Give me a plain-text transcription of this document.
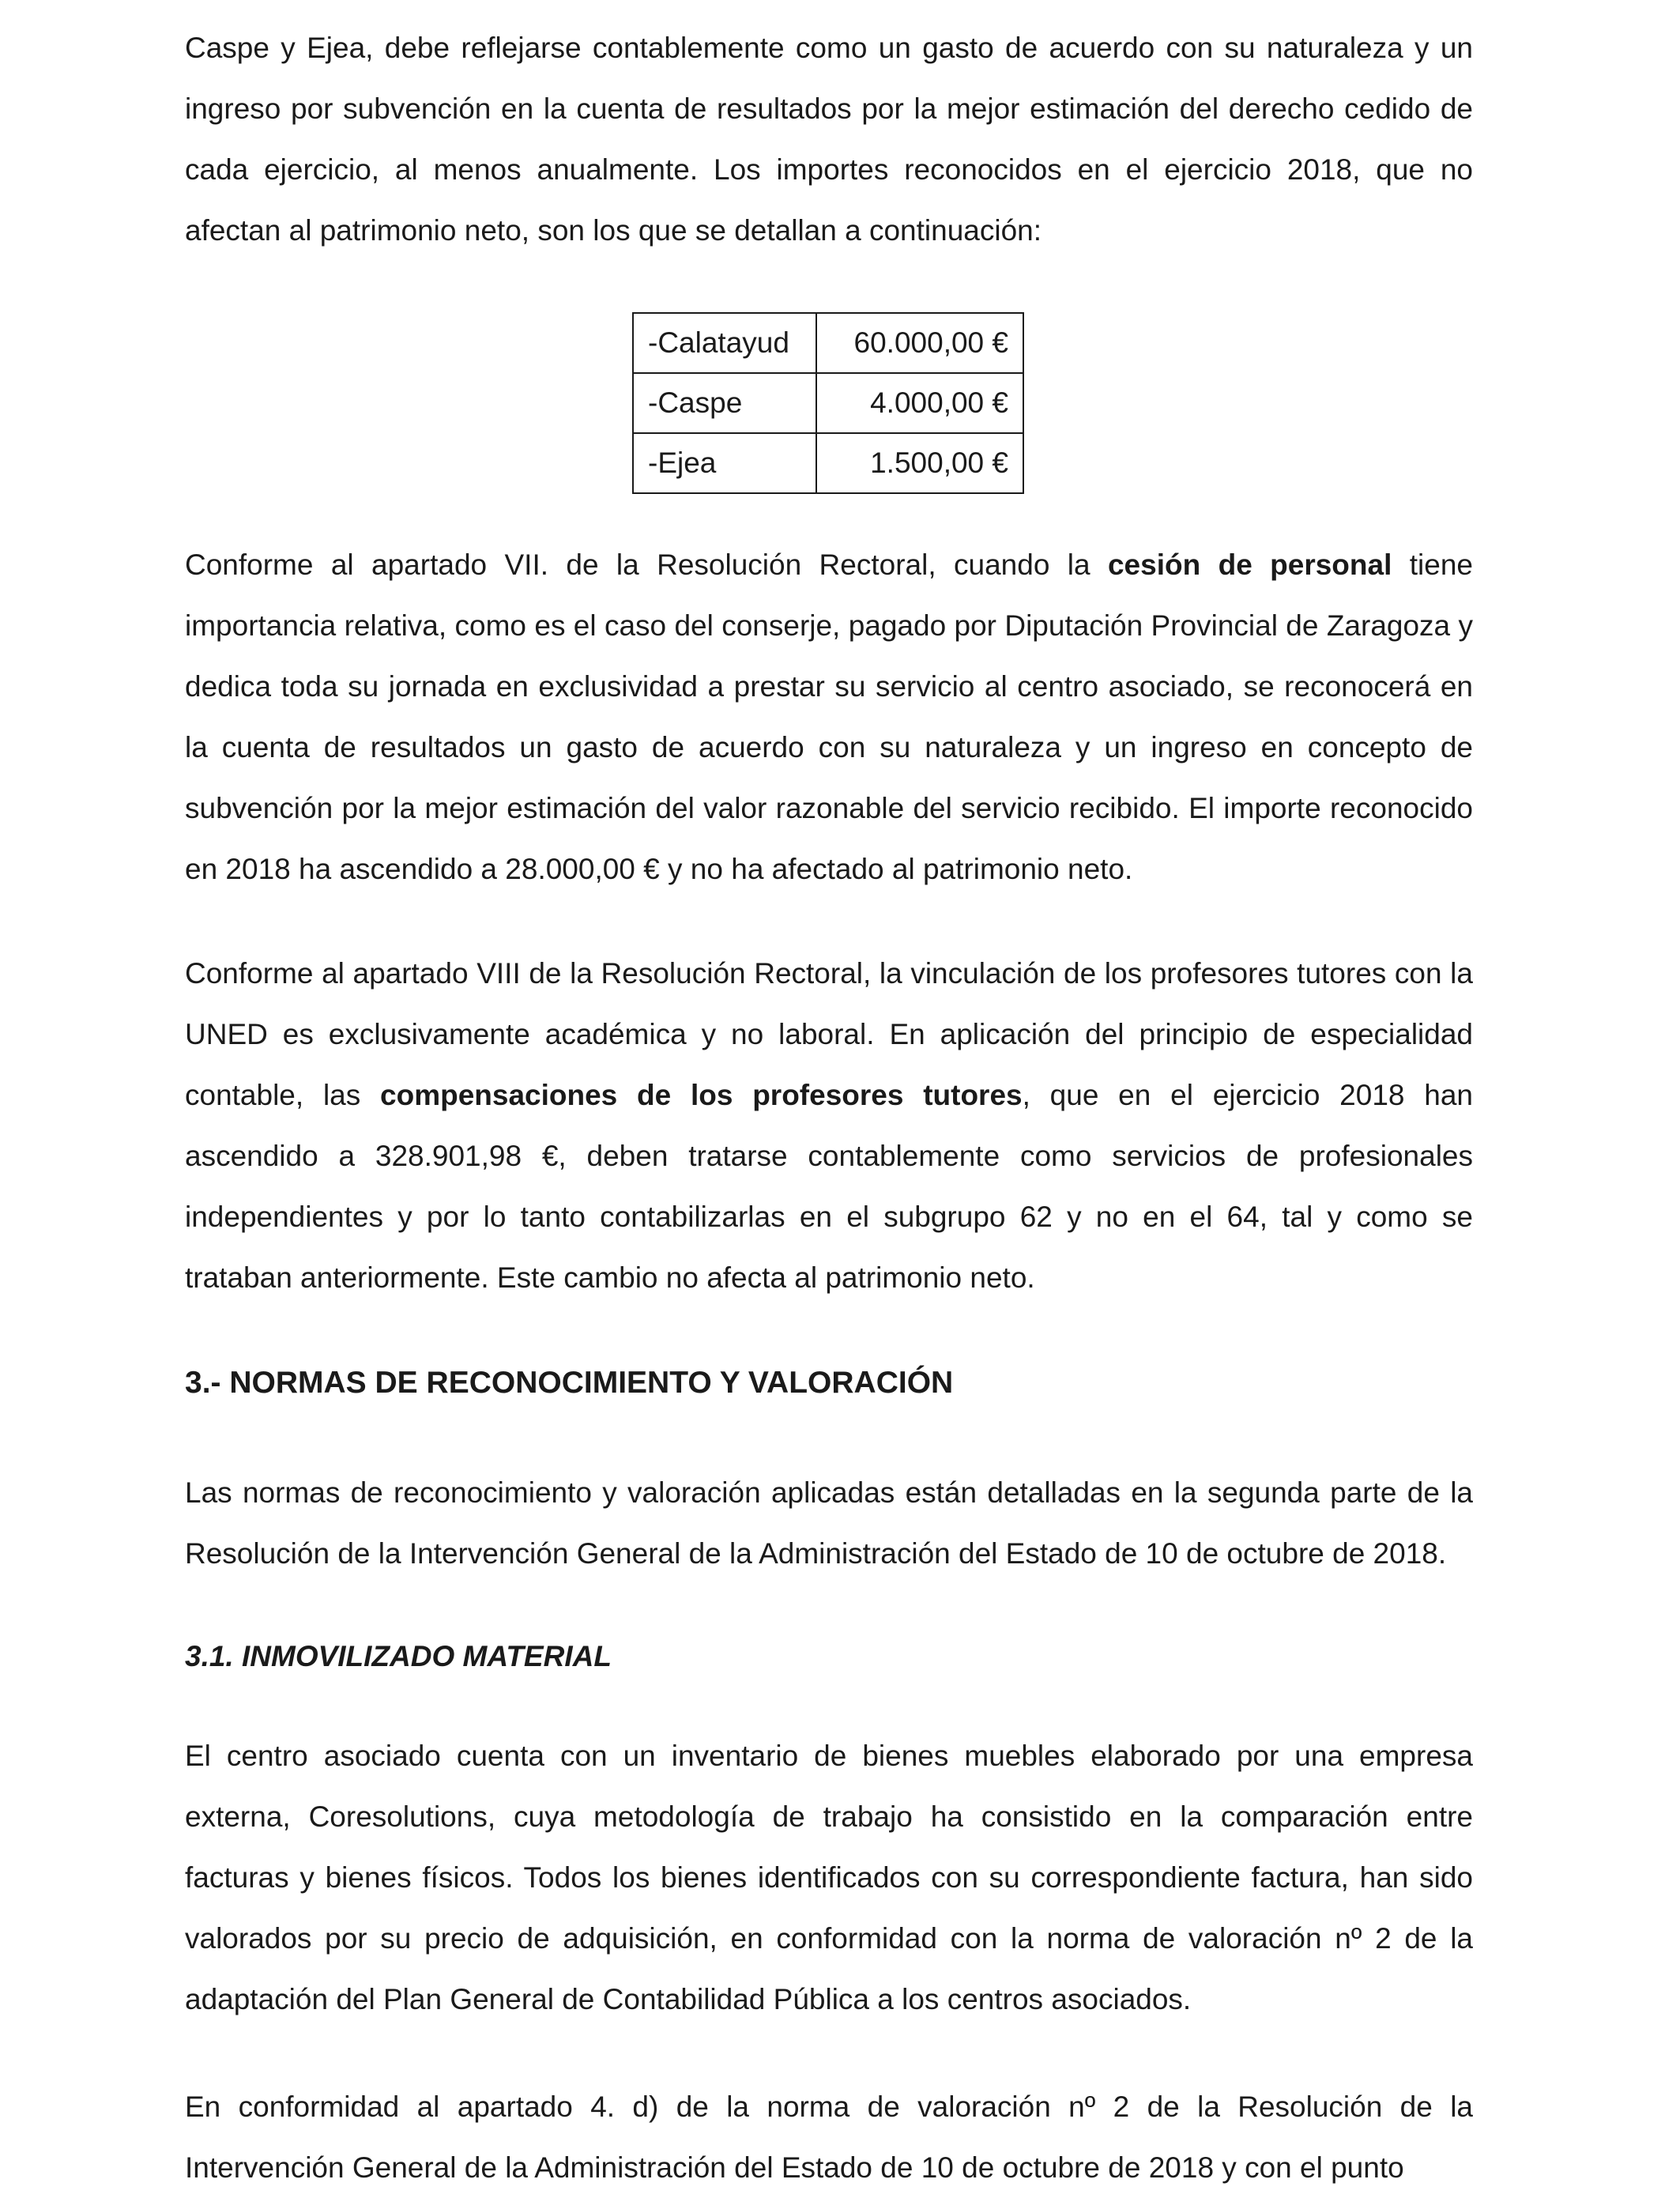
Caspe y Ejea, debe reflejarse contablemente como un gasto de acuerdo con su naturaleza y un ingreso por subvención en la cuenta de resultados por la mejor estimación del derecho cedido de cada ejercicio, al menos anualmente. Los importes reconocidos en el ejercicio 2018, que no afectan al patrimonio neto, son los que se detallan a continuación:

-Calatayud	60.000,00 €
-Caspe	4.000,00 €
-Ejea	1.500,00 €

Conforme al apartado VII. de la Resolución Rectoral, cuando la cesión de personal tiene importancia relativa, como es el caso del conserje, pagado por Diputación Provincial de Zaragoza y dedica toda su jornada en exclusividad a prestar su servicio al centro asociado, se reconocerá en la cuenta de resultados un gasto de acuerdo con su naturaleza y un ingreso en concepto de subvención por la mejor estimación del valor razonable del servicio recibido. El importe reconocido en 2018 ha ascendido a 28.000,00 € y no ha afectado al patrimonio neto.

Conforme al apartado VIII de la Resolución Rectoral, la vinculación de los profesores tutores con la UNED es exclusivamente académica y no laboral. En aplicación del principio de especialidad contable, las compensaciones de los profesores tutores, que en el ejercicio 2018 han ascendido a 328.901,98 €, deben tratarse contablemente como servicios de profesionales independientes y por lo tanto contabilizarlas en el subgrupo 62 y no en el 64, tal y como se trataban anteriormente. Este cambio no afecta al patrimonio neto.

3.- NORMAS DE RECONOCIMIENTO Y VALORACIÓN

Las normas de reconocimiento y valoración aplicadas están detalladas en la segunda parte de la Resolución de la Intervención General de la Administración del Estado de 10 de octubre de 2018.

3.1. INMOVILIZADO MATERIAL

El centro asociado cuenta con un inventario de bienes muebles elaborado por una empresa externa, Coresolutions, cuya metodología de trabajo ha consistido en la comparación entre facturas y bienes físicos. Todos los bienes identificados con su correspondiente factura, han sido valorados por su precio de adquisición, en conformidad con la norma de valoración nº 2 de la adaptación del Plan General de Contabilidad Pública a los centros asociados.

En conformidad al apartado 4. d) de la norma de valoración nº 2 de la Resolución de la Intervención General de la Administración del Estado de 10 de octubre de 2018 y con el punto
